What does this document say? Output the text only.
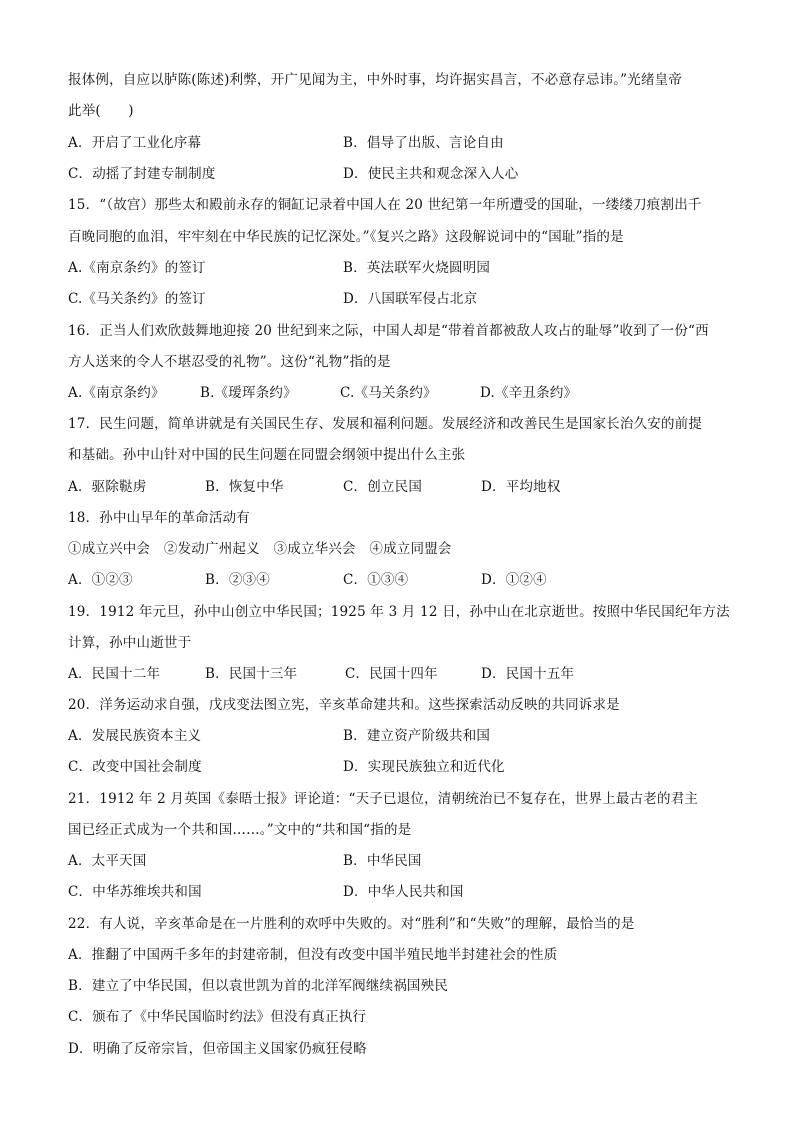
报体例，自应以胪陈(陈述)利弊，开广见闻为主，中外时事，均许据实昌言，不必意存忌讳。”光绪皇帝
此举(　　)
A．开启了工业化序幕	B．倡导了出版、言论自由
C．动摇了封建专制制度	D．使民主共和观念深入人心
15．“（故宫）那些太和殿前永存的铜缸记录着中国人在 20 世纪第一年所遭受的国耻，一缕缕刀痕割出千
百晚同胞的血泪，牢牢刻在中华民族的记忆深处。”《复兴之路》这段解说词中的“国耻”指的是
A.《南京条约》的签订	B．英法联军火烧圆明园
C.《马关条约》的签订	D．八国联军侵占北京
16．正当人们欢欣鼓舞地迎接 20 世纪到来之际，中国人却是“带着首都被敌人攻占的耻辱”收到了一份“西
方人送来的令人不堪忍受的礼物”。这份“礼物”指的是
A.《南京条约》	B.《瑷珲条约》	C.《马关条约》	D.《辛丑条约》
17．民生问题，简单讲就是有关国民生存、发展和福利问题。发展经济和改善民生是国家长治久安的前提
和基础。孙中山针对中国的民生问题在同盟会纲领中提出什么主张
A．驱除鞑虏	B．恢复中华	C．创立民国	D．平均地权
18．孙中山早年的革命活动有
①成立兴中会　②发动广州起义　③成立华兴会　④成立同盟会
A．①②③	B．②③④	C．①③④	D．①②④
19．1912 年元旦，孙中山创立中华民国；1925 年 3 月 12 日，孙中山在北京逝世。按照中华民国纪年方法
计算，孙中山逝世于
A．民国十二年	B．民国十三年	C．民国十四年	D．民国十五年
20．洋务运动求自强，戊戌变法图立宪，辛亥革命建共和。这些探索活动反映的共同诉求是
A．发展民族资本主义	B．建立资产阶级共和国
C．改变中国社会制度	D．实现民族独立和近代化
21．1912 年 2 月英国《泰晤士报》评论道：“天子已退位，清朝统治已不复存在，世界上最古老的君主
国已经正式成为一个共和国……。”文中的“共和国“指的是
A．太平天国	B．中华民国
C．中华苏维埃共和国	D．中华人民共和国
22．有人说，辛亥革命是在一片胜利的欢呼中失败的。对“胜利”和“失败”的理解，最恰当的是
A．推翻了中国两千多年的封建帝制，但没有改变中国半殖民地半封建社会的性质
B．建立了中华民国，但以袁世凯为首的北洋军阀继续祸国殃民
C．颁布了《中华民国临时约法》但没有真正执行
D．明确了反帝宗旨，但帝国主义国家仍疯狂侵略
